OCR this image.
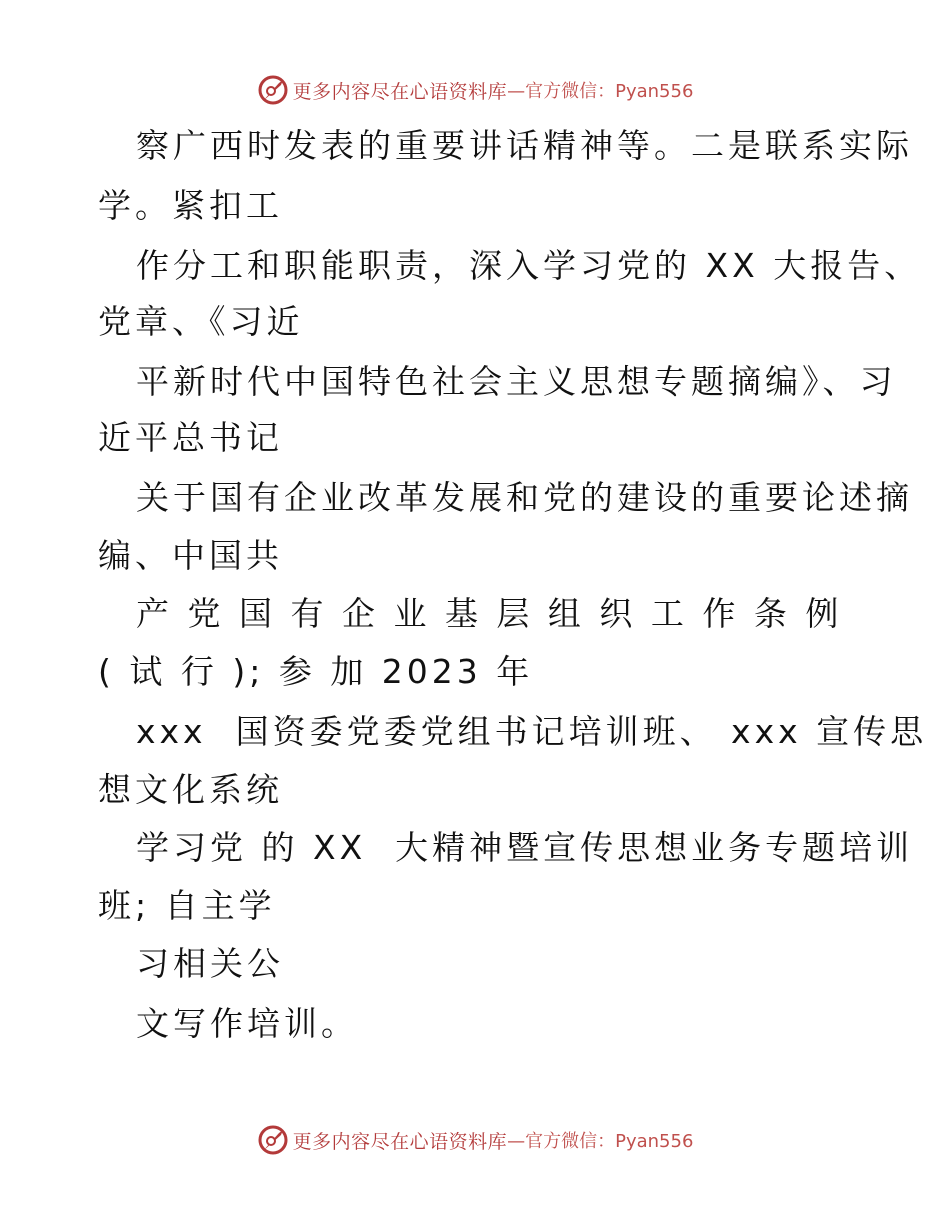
更多内容尽在心语资料库 —官方微信：Pyan556

察广西时发表的重要讲话精神等。二是联系实际

学。紧扣工

作分工和职能职责，深入学习党的 XX 大报告、

党章、《习近

平新时代中国特色社会主义思想专题摘编》、习

近平总书记

关于国有企业改革发展和党的建设的重要论述摘

编、中国共

产 党 国 有 企 业 基 层 组 织 工 作 条 例

( 试 行 ); 参 加 2023 年

xxx  国资委党委党组书记培训班、 xxx 宣传思

想文化系统

学习党 的 XX  大精神暨宣传思想业务专题培训

班; 自主学

习相关公

文写作培训。

更多内容尽在心语资料库 —官方微信：Pyan556
